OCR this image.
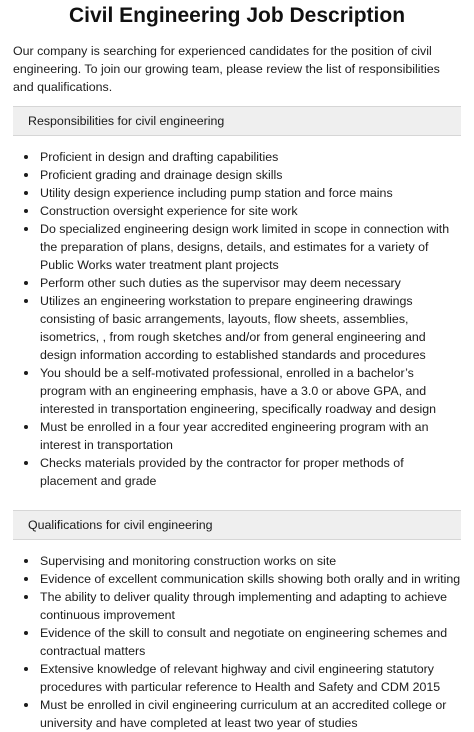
Civil Engineering Job Description

Our company is searching for experienced candidates for the position of civil engineering. To join our growing team, please review the list of responsibilities and qualifications.

Responsibilities for civil engineering
Proficient in design and drafting capabilities
Proficient grading and drainage design skills
Utility design experience including pump station and force mains
Construction oversight experience for site work
Do specialized engineering design work limited in scope in connection with the preparation of plans, designs, details, and estimates for a variety of Public Works water treatment plant projects
Perform other such duties as the supervisor may deem necessary
Utilizes an engineering workstation to prepare engineering drawings consisting of basic arrangements, layouts, flow sheets, assemblies, isometrics, , from rough sketches and/or from general engineering and design information according to established standards and procedures
You should be a self-motivated professional, enrolled in a bachelor’s program with an engineering emphasis, have a 3.0 or above GPA, and interested in transportation engineering, specifically roadway and design
Must be enrolled in a four year accredited engineering program with an interest in transportation
Checks materials provided by the contractor for proper methods of placement and grade
Qualifications for civil engineering
Supervising and monitoring construction works on site
Evidence of excellent communication skills showing both orally and in writing
The ability to deliver quality through implementing and adapting to achieve continuous improvement
Evidence of the skill to consult and negotiate on engineering schemes and contractual matters
Extensive knowledge of relevant highway and civil engineering statutory procedures with particular reference to Health and Safety and CDM 2015
Must be enrolled in civil engineering curriculum at an accredited college or university and have completed at least two year of studies
